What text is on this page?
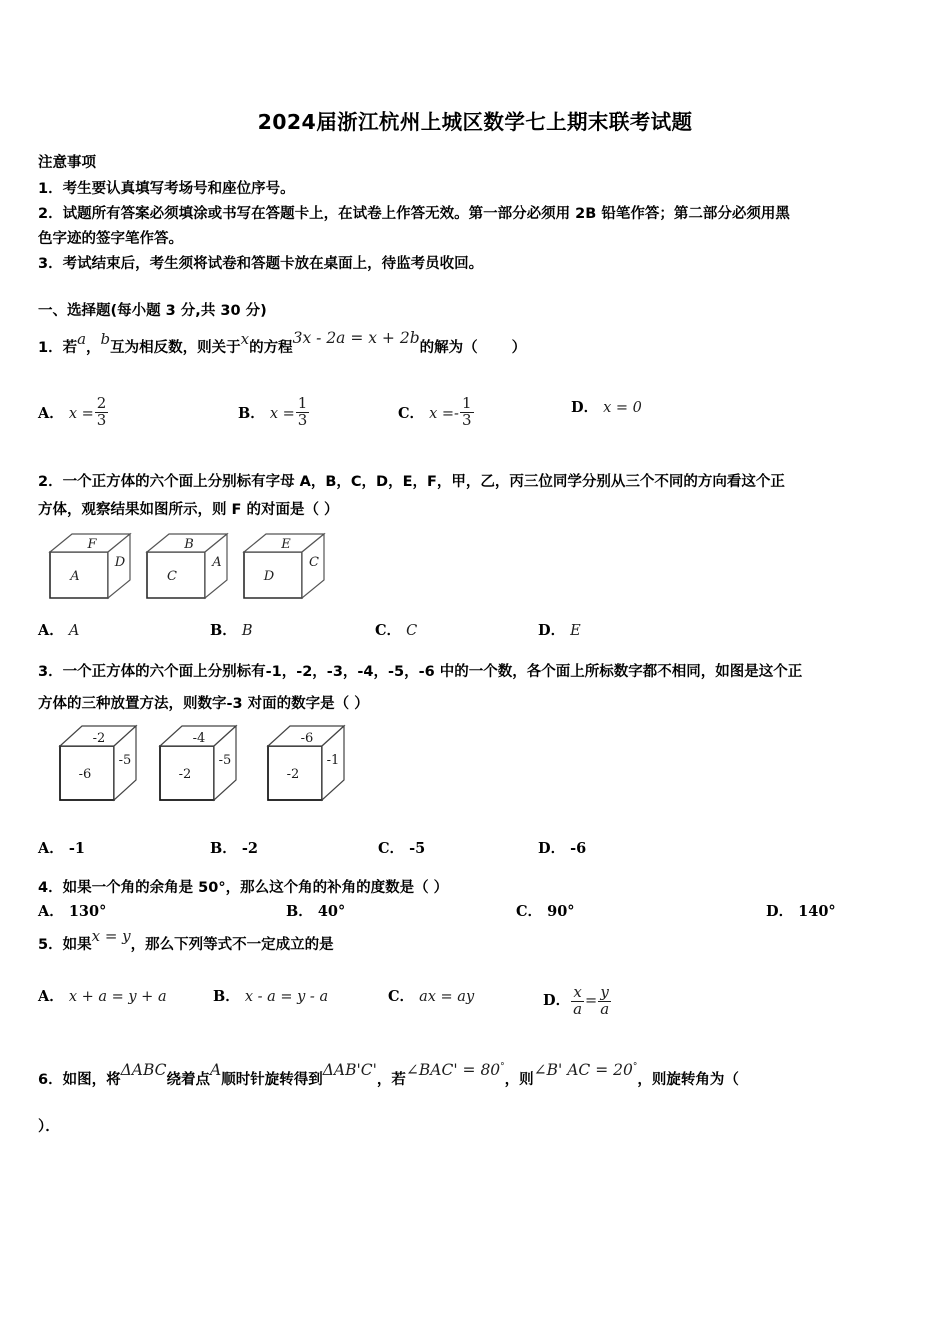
2024届浙江杭州上城区数学七上期末联考试题
注意事项
1．考生要认真填写考场号和座位序号。
2．试题所有答案必须填涂或书写在答题卡上，在试卷上作答无效。第一部分必须用 2B 铅笔作答；第二部分必须用黑
色字迹的签字笔作答。
3．考试结束后，考生须将试卷和答题卡放在桌面上，待监考员收回。
一、选择题(每小题 3 分,共 30 分)
1．若a，b互为相反数，则关于x的方程3x - 2a = x + 2b的解为（ ）
A． $x = \frac{2}{3}$	B． $x = \frac{1}{3}$	C． $x =- \frac{1}{3}$	D． x = 0
2．一个正方体的六个面上分别标有字母 A，B，C，D，E，F，甲，乙，丙三位同学分别从三个不同的方向看这个正
方体，观察结果如图所示，则 F 的对面是（ ）
A
F
D
C
B
A
D
E
C
A． A	B． B	C． C	D． E
3．一个正方体的六个面上分别标有-1，-2，-3，-4，-5，-6 中的一个数，各个面上所标数字都不相同，如图是这个正
方体的三种放置方法，则数字-3 对面的数字是（ ）
-6
-2
-5
-2
-4
-5
-2
-6
-1
A． -1	B． -2	C． -5	D． -6
4．如果一个角的余角是 50°，那么这个角的补角的度数是（ ）
A． 130°	B． 40°	C． 90°	D． 140°
5．如果x = y，那么下列等式不一定成立的是
A． x + a = y + a	B． x - a = y - a	C． ax = ay	D． $\frac{x}{a} = \frac{y}{a}$
6．如图，将ΔABC绕着点A顺时针旋转得到ΔAB'C'，若∠BAC' = 80°，则∠B' AC = 20°，则旋转角为（
）．
